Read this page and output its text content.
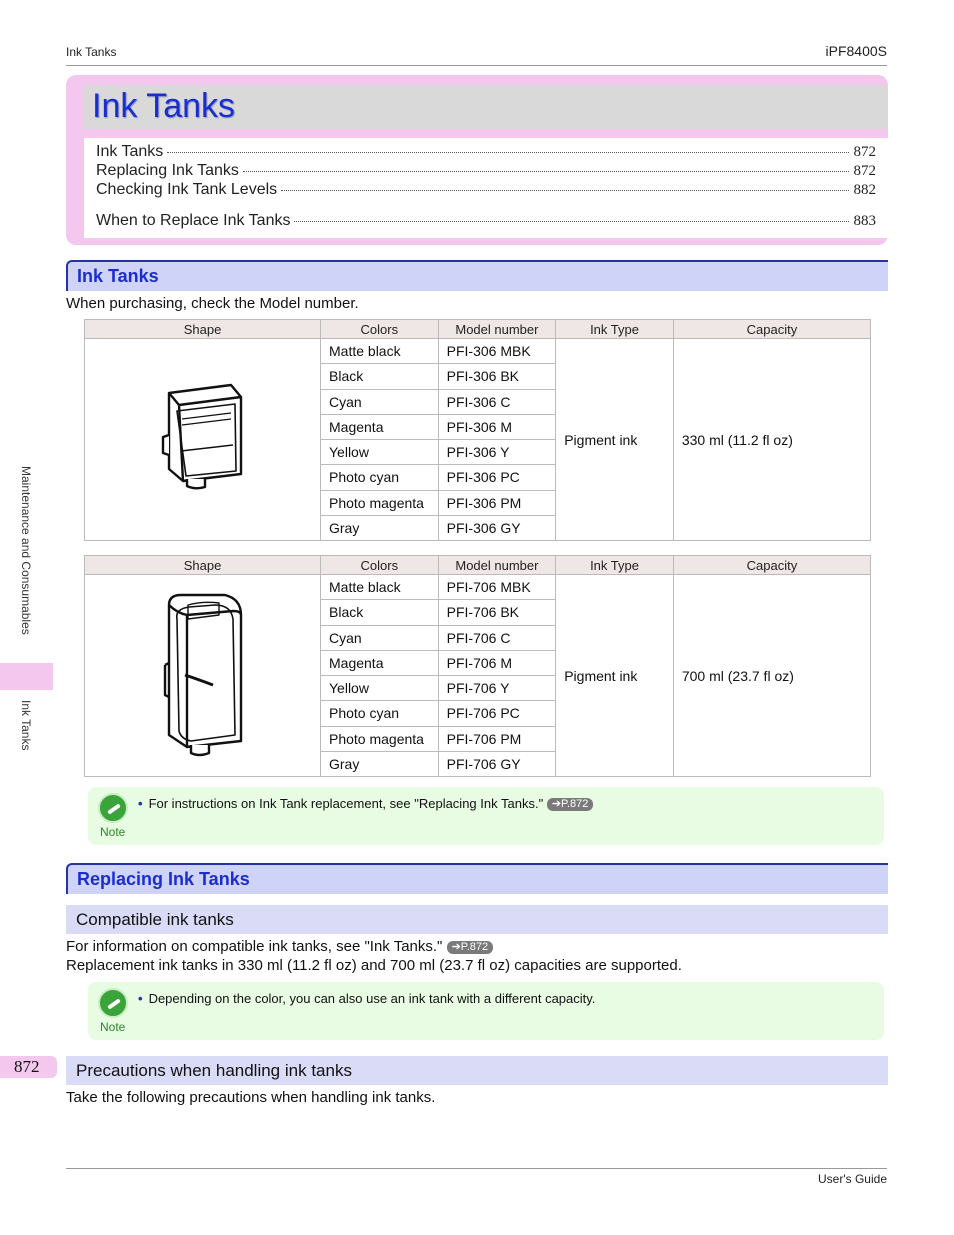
Ink Tanks	iPF8400S
Ink Tanks
Ink Tanks	872
Replacing Ink Tanks	872
Checking Ink Tank Levels	882
When to Replace Ink Tanks	883
Ink Tanks
When purchasing, check the Model number.
Shape	Colors	Model number	Ink Type	Capacity
	Matte black	PFI-306 MBK	Pigment ink	330 ml (11.2 fl oz)
	Black	PFI-306 BK		
	Cyan	PFI-306 C		
	Magenta	PFI-306 M		
	Yellow	PFI-306 Y		
	Photo cyan	PFI-306 PC		
	Photo magenta	PFI-306 PM		
	Gray	PFI-306 GY		
Shape	Colors	Model number	Ink Type	Capacity
	Matte black	PFI-706 MBK	Pigment ink	700 ml (23.7 fl oz)
	Black	PFI-706 BK		
	Cyan	PFI-706 C		
	Magenta	PFI-706 M		
	Yellow	PFI-706 Y		
	Photo cyan	PFI-706 PC		
	Photo magenta	PFI-706 PM		
	Gray	PFI-706 GY		
Note
• For instructions on Ink Tank replacement, see "Replacing Ink Tanks." ➔P.872
Replacing Ink Tanks
Compatible ink tanks
For information on compatible ink tanks, see "Ink Tanks." ➔P.872
Replacement ink tanks in 330 ml (11.2 fl oz) and 700 ml (23.7 fl oz) capacities are supported.
Note
• Depending on the color, you can also use an ink tank with a different capacity.
Precautions when handling ink tanks
Take the following precautions when handling ink tanks.
Maintenance and Consumables
Ink Tanks
872
User's Guide
